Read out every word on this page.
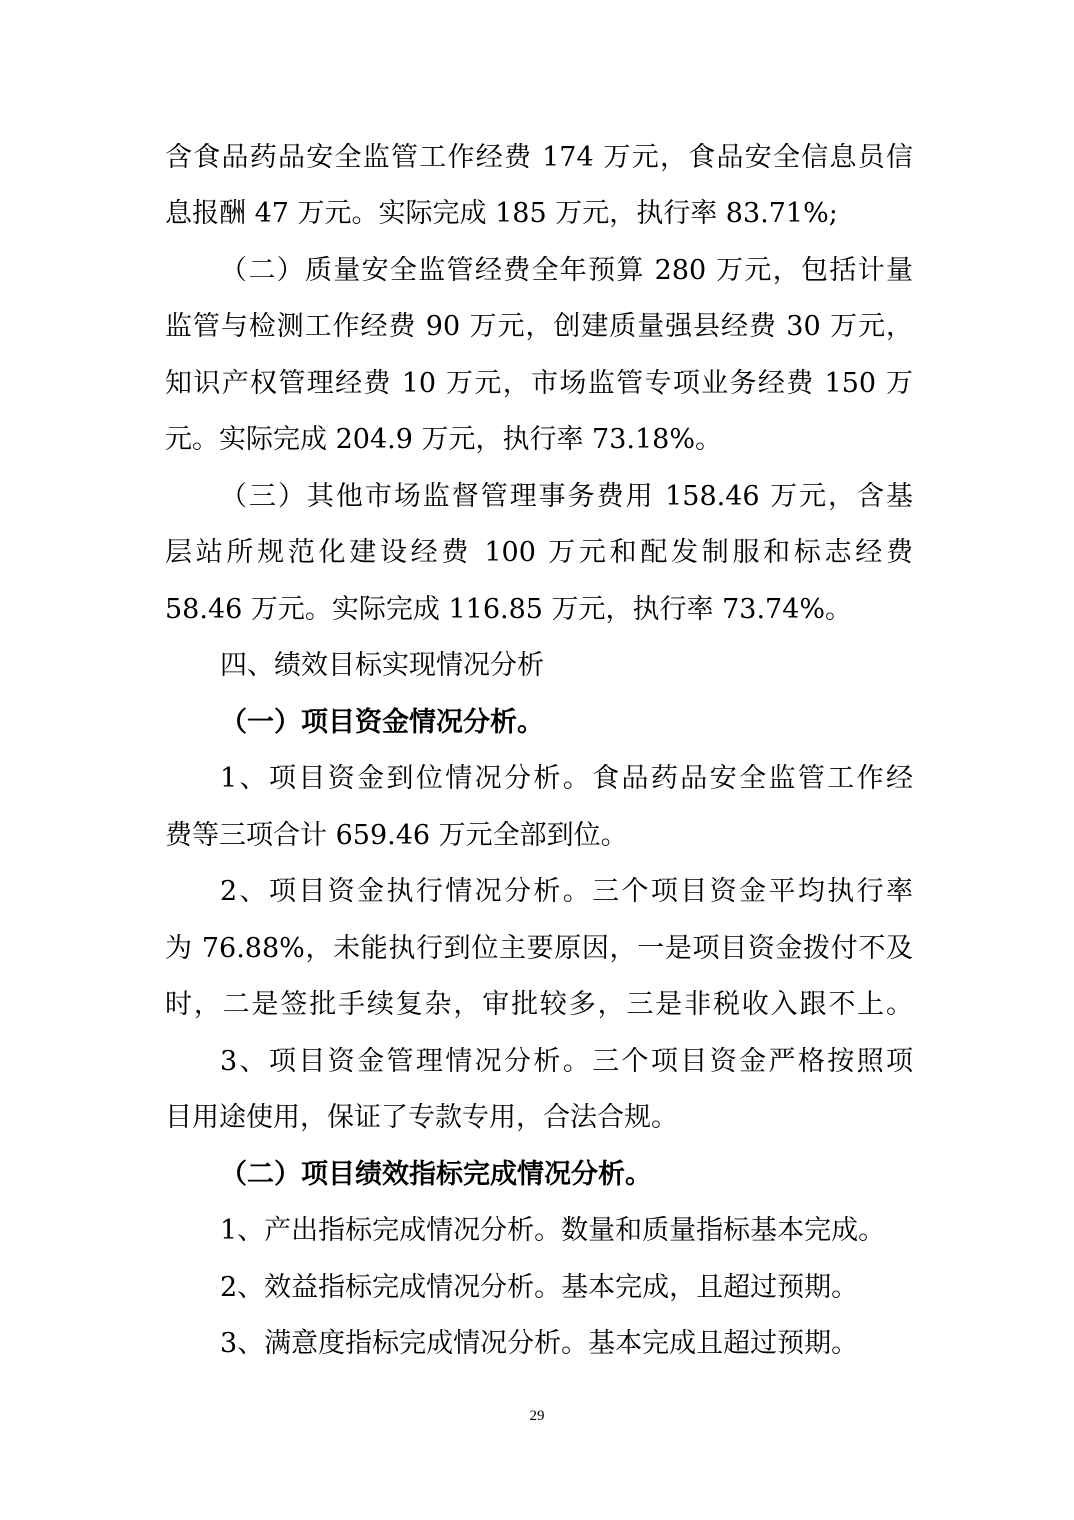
含食品药品安全监管工作经费 174 万元，食品安全信息员信
息报酬 47 万元。实际完成 185 万元，执行率 83.71%;
（二）质量安全监管经费全年预算 280 万元，包括计量
监管与检测工作经费 90 万元，创建质量强县经费 30 万元，
知识产权管理经费 10 万元，市场监管专项业务经费 150 万
元。实际完成 204.9 万元，执行率 73.18%。
（三）其他市场监督管理事务费用 158.46 万元，含基
层站所规范化建设经费 100 万元和配发制服和标志经费
58.46 万元。实际完成 116.85 万元，执行率 73.74%。
四、绩效目标实现情况分析
（一）项目资金情况分析。
1、项目资金到位情况分析。食品药品安全监管工作经
费等三项合计 659.46 万元全部到位。
2、项目资金执行情况分析。三个项目资金平均执行率
为 76.88%，未能执行到位主要原因，一是项目资金拨付不及
时，二是签批手续复杂，审批较多，三是非税收入跟不上。
3、项目资金管理情况分析。三个项目资金严格按照项
目用途使用，保证了专款专用，合法合规。
（二）项目绩效指标完成情况分析。
1、产出指标完成情况分析。数量和质量指标基本完成。
2、效益指标完成情况分析。基本完成，且超过预期。
3、满意度指标完成情况分析。基本完成且超过预期。
29
